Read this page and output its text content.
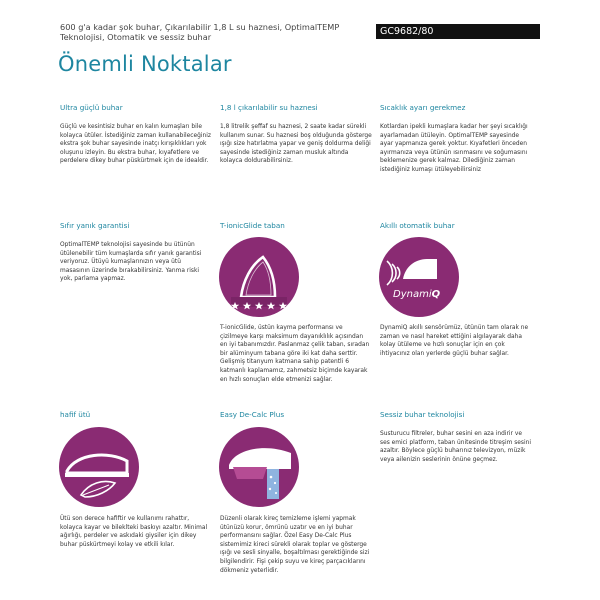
600 g'a kadar şok buhar, Çıkarılabilir 1,8 L su haznesi, OptimalTEMP Teknolojisi, Otomatik ve sessiz buhar	GC9682/80
Önemli Noktalar
Ultra güçlü buhar
Güçlü ve kesintisiz buhar en kalın kumaşları bile kolayca ütüler. İstediğiniz zaman kullanabileceğiniz ekstra şok buhar sayesinde inatçı kırışıklıkları yok oluşunu izleyin. Bu ekstra buhar, kıyafetlere ve perdelere dikey buhar püskürtmek için de idealdir.
1,8 l çıkarılabilir su haznesi
1,8 litrelik şeffaf su haznesi, 2 saate kadar sürekli kullanım sunar. Su haznesi boş olduğunda gösterge ışığı size hatırlatma yapar ve geniş doldurma deliği sayesinde istediğiniz zaman musluk altında kolayca doldurabilirsiniz.
Sıcaklık ayarı gerekmez
Kotlardan ipekli kumaşlara kadar her şeyi sıcaklığı ayarlamadan ütüleyin. OptimalTEMP sayesinde ayar yapmanıza gerek yoktur. Kıyafetleri önceden ayırmanıza veya ütünün ısınmasını ve soğumasını beklemenize gerek kalmaz. Dilediğiniz zaman istediğiniz kumaşı ütüleyebilirsiniz
Sıfır yanık garantisi
OptimalTEMP teknolojisi sayesinde bu ütünün ütülenebilir tüm kumaşlarda sıfır yanık garantisi veriyoruz. Ütüyü kumaşlarınızın veya ütü masasının üzerinde bırakabilirsiniz. Yanma riski yok, parlama yapmaz.
T-ionicGlide taban
T-ionicGlide, üstün kayma performansı ve çizilmeye karşı maksimum dayanıklılık açısından en iyi tabanımızdır. Paslanmaz çelik taban, sıradan bir alüminyum tabana göre iki kat daha serttir. Gelişmiş titanyum katmana sahip patentli 6 katmanlı kaplamamız, zahmetsiz biçimde kayarak en hızlı sonuçları elde etmenizi sağlar.
Akıllı otomatik buhar
DynamiQ
DynamiQ akıllı sensörümüz, ütünün tam olarak ne zaman ve nasıl hareket ettiğini algılayarak daha kolay ütüleme ve hızlı sonuçlar için en çok ihtiyacınız olan yerlerde güçlü buhar sağlar.
hafif ütü
Ütü son derece hafiftir ve kullanımı rahattır, kolayca kayar ve bileklteki baskıyı azaltır. Minimal ağırlığı, perdeler ve askıdaki giysiler için dikey buhar püskürtmeyi kolay ve etkili kılar.
Easy De-Calc Plus
Düzenli olarak kireç temizleme işlemi yapmak ütünüzü korur, ömrünü uzatır ve en iyi buhar performansını sağlar. Özel Easy De-Calc Plus sistemimiz kireci sürekli olarak toplar ve gösterge ışığı ve sesli sinyalle, boşaltılması gerektiğinde sizi bilgilendirir. Fişi çekip suyu ve kireç parçacıklarını dökmeniz yeterlidir.
Sessiz buhar teknolojisi
Susturucu filtreler, buhar sesini en aza indirir ve ses emici platform, taban ünitesinde titreşim sesini azaltır. Böylece güçlü buharınız televizyon, müzik veya ailenizin seslerinin önüne geçmez.
